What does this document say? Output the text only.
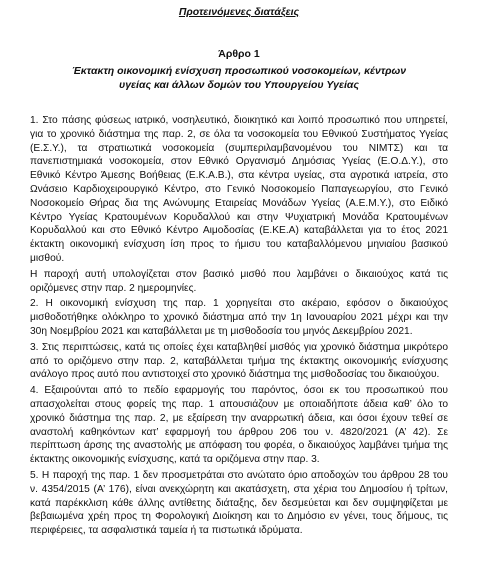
Προτεινόμενες διατάξεις
Άρθρο 1
Έκτακτη οικονομική ενίσχυση προσωπικού νοσοκομείων, κέντρων υγείας και άλλων δομών του Υπουργείου Υγείας

1. Στο πάσης φύσεως ιατρικό, νοσηλευτικό, διοικητικό και λοιπό προσωπικό που υπηρετεί, για το χρονικό διάστημα της παρ. 2, σε όλα τα νοσοκομεία του Εθνικού Συστήματος Υγείας (Ε.Σ.Υ.), τα στρατιωτικά νοσοκομεία (συμπεριλαμβανομένου του ΝΙΜΤΣ) και τα πανεπιστημιακά νοσοκομεία, στον Εθνικό Οργανισμό Δημόσιας Υγείας (Ε.Ο.Δ.Υ.), στο Εθνικό Κέντρο Άμεσης Βοήθειας (Ε.Κ.Α.Β.), στα κέντρα υγείας, στα αγροτικά ιατρεία, στο Ωνάσειο Καρδιοχειρουργικό Κέντρο, στο Γενικό Νοσοκομείο Παπαγεωργίου, στο Γενικό Νοσοκομείο Θήρας δια της Ανώνυμης Εταιρείας Μονάδων Υγείας (Α.Ε.Μ.Υ.), στο Ειδικό Κέντρο Υγείας Κρατουμένων Κορυδαλλού και στην Ψυχιατρική Μονάδα Κρατουμένων Κορυδαλλού και στο Εθνικό Κέντρο Αιμοδοσίας (Ε.ΚΕ.Α) καταβάλλεται για το έτος 2021 έκτακτη οικονομική ενίσχυση ίση προς το ήμισυ του καταβαλλόμενου μηνιαίου βασικού μισθού.

Η παροχή αυτή υπολογίζεται στον βασικό μισθό που λαμβάνει ο δικαιούχος κατά τις οριζόμενες στην παρ. 2 ημερομηνίες.

2. Η οικονομική ενίσχυση της παρ. 1 χορηγείται στο ακέραιο, εφόσον ο δικαιούχος μισθοδοτήθηκε ολόκληρο το χρονικό διάστημα από την 1η Ιανουαρίου 2021 μέχρι και την 30η Νοεμβρίου 2021 και καταβάλλεται με τη μισθοδοσία του μηνός Δεκεμβρίου 2021.

3. Στις περιπτώσεις, κατά τις οποίες έχει καταβληθεί μισθός για χρονικό διάστημα μικρότερο από το οριζόμενο στην παρ. 2, καταβάλλεται τμήμα της έκτακτης οικονομικής ενίσχυσης ανάλογο προς αυτό που αντιστοιχεί στο χρονικό διάστημα της μισθοδοσίας του δικαιούχου.

4. Εξαιρούνται από το πεδίο εφαρμογής του παρόντος, όσοι εκ του προσωπικού που απασχολείται στους φορείς της παρ. 1 απουσιάζουν με οποιαδήποτε άδεια καθ’ όλο το χρονικό διάστημα της παρ. 2, με εξαίρεση την αναρρωτική άδεια, και όσοι έχουν τεθεί σε αναστολή καθηκόντων κατ’ εφαρμογή του άρθρου 206 του ν. 4820/2021 (Α’ 42). Σε περίπτωση άρσης της αναστολής με απόφαση του φορέα, ο δικαιούχος λαμβάνει τμήμα της έκτακτης οικονομικής ενίσχυσης, κατά τα οριζόμενα στην παρ. 3.

5. Η παροχή της παρ. 1 δεν προσμετράται στο ανώτατο όριο αποδοχών του άρθρου 28 του ν. 4354/2015 (Α’ 176), είναι ανεκχώρητη και ακατάσχετη, στα χέρια του Δημοσίου ή τρίτων, κατά παρέκκλιση κάθε άλλης αντίθετης διάταξης, δεν δεσμεύεται και δεν συμψηφίζεται με βεβαιωμένα χρέη προς τη Φορολογική Διοίκηση και το Δημόσιο εν γένει, τους δήμους, τις περιφέρειες, τα ασφαλιστικά ταμεία ή τα πιστωτικά ιδρύματα.
